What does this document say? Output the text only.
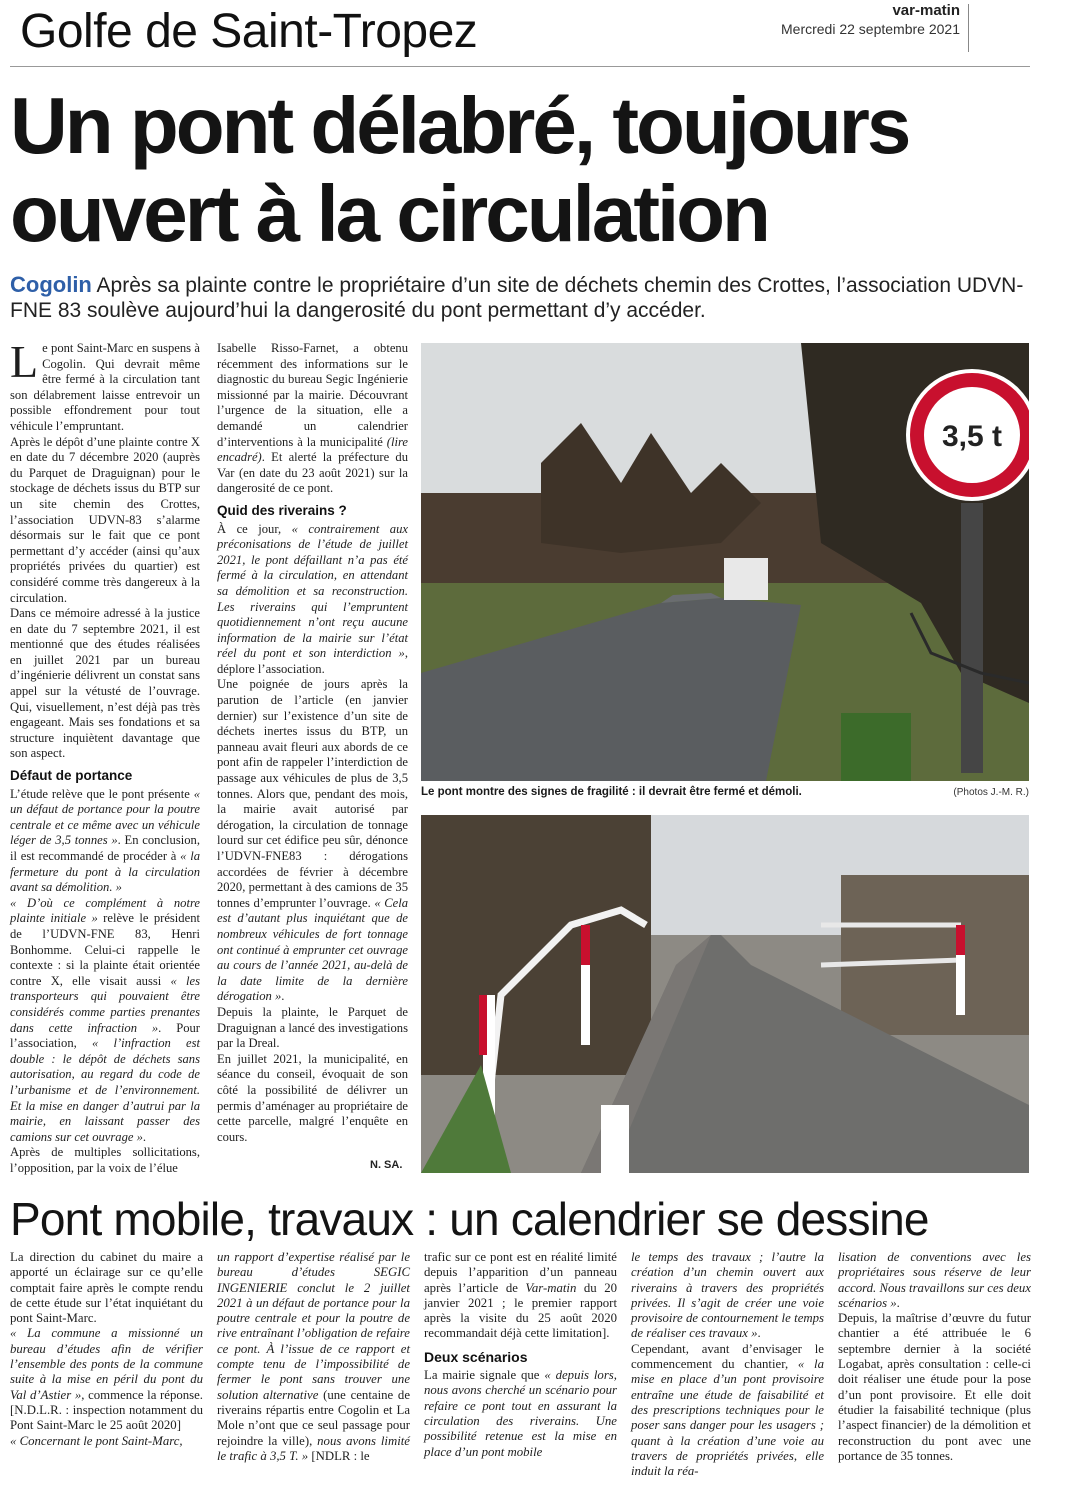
Golfe de Saint-Tropez	var-matin
Mercredi 22 septembre 2021
Un pont délabré, toujours
ouvert à la circulation
Cogolin Après sa plainte contre le propriétaire d’un site de déchets chemin des Crottes, l’association UDVN-FNE 83 soulève aujourd’hui la dangerosité du pont permettant d’y accéder.

Le pont Saint-Marc en suspens à Cogolin. Qui devrait même être fermé à la circulation tant son délabrement laisse entrevoir un possible effondrement pour tout véhicule l’empruntant.

Après le dépôt d’une plainte contre X en date du 7 décembre 2020 (auprès du Parquet de Draguignan) pour le stockage de déchets issus du BTP sur un site chemin des Crottes, l’association UDVN-83 s’alarme désormais sur le fait que ce pont permettant d’y accéder (ainsi qu’aux propriétés privées du quartier) est considéré comme très dangereux à la circulation.

Dans ce mémoire adressé à la justice en date du 7 septembre 2021, il est mentionné que des études réalisées en juillet 2021 par un bureau d’ingénierie délivrent un constat sans appel sur la vétusté de l’ouvrage. Qui, visuellement, n’est déjà pas très engageant. Mais ses fondations et sa structure inquiètent davantage que son aspect.

Défaut de portance

L’étude relève que le pont présente « un défaut de portance pour la poutre centrale et ce même avec un véhicule léger de 3,5 tonnes ». En conclusion, il est recommandé de procéder à « la fermeture du pont à la circulation avant sa démolition. »

« D’où ce complément à notre plainte initiale » relève le président de l’UDVN-FNE 83, Henri Bonhomme. Celui-ci rappelle le contexte : si la plainte était orientée contre X, elle visait aussi « les transporteurs qui pouvaient être considérés comme parties prenantes dans cette infraction ». Pour l’association, « l’infraction est double : le dépôt de déchets sans autorisation, au regard du code de l’urbanisme et de l’environnement. Et la mise en danger d’autrui par la mairie, en laissant passer des camions sur cet ouvrage ».

Après de multiples sollicitations, l’opposition, par la voix de l’élue

Isabelle Risso-Farnet, a obtenu récemment des informations sur le diagnostic du bureau Segic Ingénierie missionné par la mairie. Découvrant l’urgence de la situation, elle a demandé un calendrier d’interventions à la municipalité (lire encadré). Et alerté la préfecture du Var (en date du 23 août 2021) sur la dangerosité de ce pont.

Quid des riverains ?

À ce jour, « contrairement aux préconisations de l’étude de juillet 2021, le pont défaillant n’a pas été fermé à la circulation, en attendant sa démolition et sa reconstruction. Les riverains qui l’empruntent quotidiennement n’ont reçu aucune information de la mairie sur l’état réel du pont et son interdiction », déplore l’association.

Une poignée de jours après la parution de l’article (en janvier dernier) sur l’existence d’un site de déchets inertes issus du BTP, un panneau avait fleuri aux abords de ce pont afin de rappeler l’interdiction de passage aux véhicules de plus de 3,5 tonnes. Alors que, pendant des mois, la mairie avait autorisé par dérogation, la circulation de tonnage lourd sur cet édifice peu sûr, dénonce l’UDVN-FNE83 : dérogations accordées de février à décembre 2020, permettant à des camions de 35 tonnes d’emprunter l’ouvrage. « Cela est d’autant plus inquiétant que de nombreux véhicules de fort tonnage ont continué à emprunter cet ouvrage au cours de l’année 2021, au-delà de la date limite de la dernière dérogation ».

Depuis la plainte, le Parquet de Draguignan a lancé des investigations par la Dreal.

En juillet 2021, la municipalité, en séance du conseil, évoquait de son côté la possibilité de délivrer un permis d’aménager au propriétaire de cette parcelle, malgré l’enquête en cours.

N. SA.
3,5 t
Le pont montre des signes de fragilité : il devrait être fermé et démoli.	(Photos J.-M. R.)
Pont mobile, travaux : un calendrier se dessine

La direction du cabinet du maire a apporté un éclairage sur ce qu’elle comptait faire après le compte rendu de cette étude sur l’état inquiétant du pont Saint-Marc.

« La commune a missionné un bureau d’études afin de vérifier l’ensemble des ponts de la commune suite à la mise en péril du pont du Val d’Astier », commence la réponse. [N.D.L.R. : inspection notamment du Pont Saint-Marc le 25 août 2020]

« Concernant le pont Saint-Marc,

un rapport d’expertise réalisé par le bureau d’études SEGIC INGENIERIE conclut le 2 juillet 2021 à un défaut de portance pour la poutre centrale et pour la poutre de rive entraînant l’obligation de refaire ce pont. À l’issue de ce rapport et compte tenu de l’impossibilité de fermer le pont sans trouver une solution alternative (une centaine de riverains répartis entre Cogolin et La Mole n’ont que ce seul passage pour rejoindre la ville), nous avons limité le trafic à 3,5 T. » [NDLR : le

trafic sur ce pont est en réalité limité depuis l’apparition d’un panneau après l’article de Var-matin du 20 janvier 2021 ; le premier rapport après la visite du 25 août 2020 recommandait déjà cette limitation].

Deux scénarios

La mairie signale que « depuis lors, nous avons cherché un scénario pour refaire ce pont tout en assurant la circulation des riverains. Une possibilité retenue est la mise en place d’un pont mobile

le temps des travaux ; l’autre la création d’un chemin ouvert aux riverains à travers des propriétés privées. Il s’agit de créer une voie provisoire de contournement le temps de réaliser ces travaux ».

Cependant, avant d’envisager le commencement du chantier, « la mise en place d’un pont provisoire entraîne une étude de faisabilité et des prescriptions techniques pour le poser sans danger pour les usagers ; quant à la création d’une voie au travers de propriétés privées, elle induit la réa-

lisation de conventions avec les propriétaires sous réserve de leur accord. Nous travaillons sur ces deux scénarios ».

Depuis, la maîtrise d’œuvre du futur chantier a été attribuée le 6 septembre dernier à la société Logabat, après consultation : celle-ci doit réaliser une étude pour la pose d’un pont provisoire. Et elle doit étudier la faisabilité technique (plus l’aspect financier) de la démolition et reconstruction du pont avec une portance de 35 tonnes.
